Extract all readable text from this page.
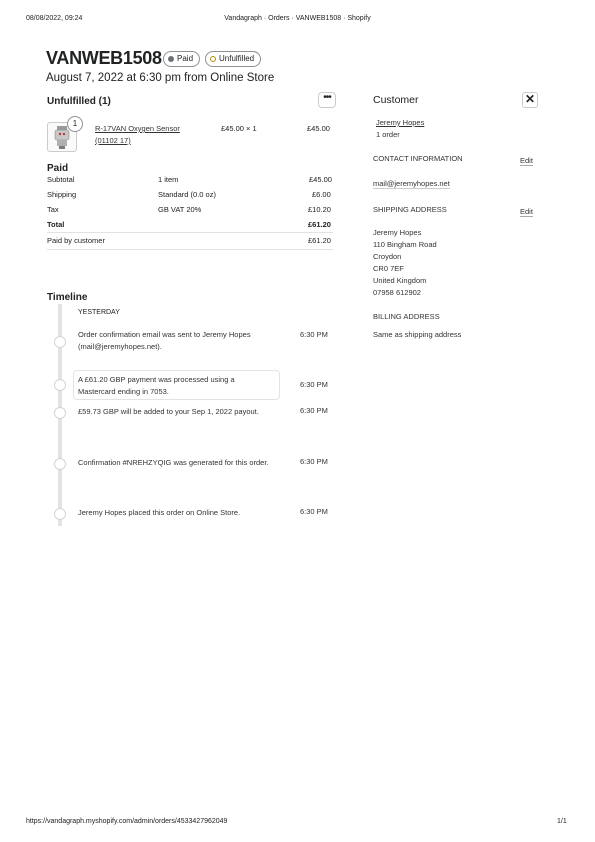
08/08/2022, 09:24	Vandagraph · Orders · VANWEB1508 · Shopify
https://vandagraph.myshopify.com/admin/orders/4533427962049	1/1
VANWEB1508 Paid	Unfulfilled
August 7, 2022 at 6:30 pm from Online Store
Unfulfilled (1)	•••
1
R-17VAN Oxygen Sensor
(01102 17)
£45.00 × 1	£45.00
Paid
Subtotal	1 item	£45.00
Shipping	Standard (0.0 oz)	£6.00
Tax	GB VAT 20%	£10.20
Total	£61.20
Paid by customer	£61.20
Timeline
YESTERDAY
Order confirmation email was sent to Jeremy Hopes
(mail@jeremyhopes.net).
6:30 PM
A £61.20 GBP payment was processed using a
Mastercard ending in 7053.
6:30 PM
£59.73 GBP will be added to your Sep 1, 2022 payout.	6:30 PM
Confirmation #NREHZYQIG was generated for this order.	6:30 PM
Jeremy Hopes placed this order on Online Store.	6:30 PM
Customer	✕
Jeremy Hopes
1 order
CONTACT INFORMATION	Edit
mail@jeremyhopes.net
SHIPPING ADDRESS	Edit
Jeremy Hopes
110 Bingham Road
Croydon
CR0 7EF
United Kingdom
07958 612902
BILLING ADDRESS
Same as shipping address
